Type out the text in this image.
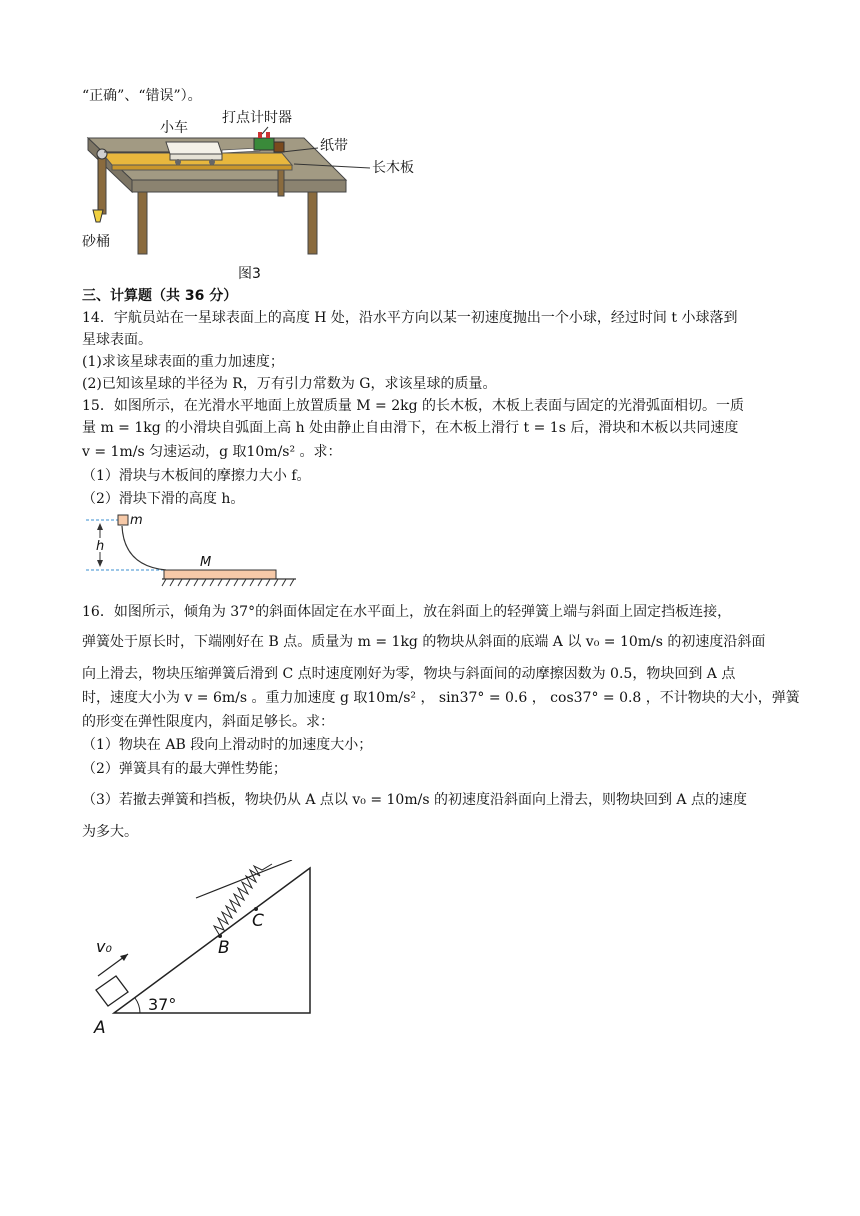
“正确”、“错误”）。
小车
打点计时器
纸带
长木板
砂桶
图3
三、计算题（共 36 分）
14．宇航员站在一星球表面上的高度 H 处，沿水平方向以某一初速度抛出一个小球，经过时间 t 小球落到
星球表面。
(1)求该星球表面的重力加速度；
(2)已知该星球的半径为 R，万有引力常数为 G，求该星球的质量。
15．如图所示，在光滑水平地面上放置质量 M = 2kg 的长木板，木板上表面与固定的光滑弧面相切。一质
量 m = 1kg 的小滑块自弧面上高 h 处由静止自由滑下，在木板上滑行 t = 1s 后，滑块和木板以共同速度
v = 1m/s 匀速运动，g 取10m/s² 。求：
（1）滑块与木板间的摩擦力大小 f。
（2）滑块下滑的高度 h。
m
h
M
16．如图所示，倾角为 37°的斜面体固定在水平面上，放在斜面上的轻弹簧上端与斜面上固定挡板连接，
弹簧处于原长时，下端刚好在 B 点。质量为 m = 1kg 的物块从斜面的底端 A 以 v₀ = 10m/s 的初速度沿斜面
向上滑去，物块压缩弹簧后滑到 C 点时速度刚好为零，物块与斜面间的动摩擦因数为 0.5，物块回到 A 点
时，速度大小为 v = 6m/s 。重力加速度 g 取10m/s² ， sin37° = 0.6 ， cos37° = 0.8 ，不计物块的大小，弹簧
的形变在弹性限度内，斜面足够长。求：
（1）物块在 AB 段向上滑动时的加速度大小；
（2）弹簧具有的最大弹性势能；
（3）若撤去弹簧和挡板，物块仍从 A 点以 v₀ = 10m/s 的初速度沿斜面向上滑去，则物块回到 A 点的速度
为多大。
B
C
v₀
37°
A
